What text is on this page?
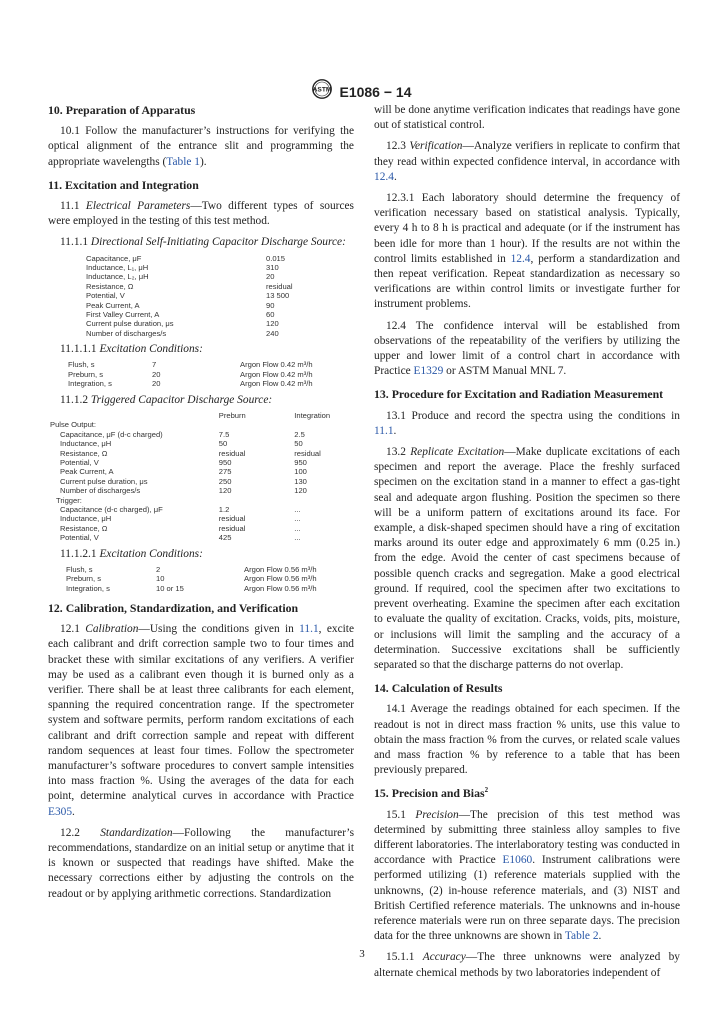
ASTM E1086 − 14
10. Preparation of Apparatus

10.1 Follow the manufacturer’s instructions for verifying the optical alignment of the entrance slit and programming the appropriate wavelengths (Table 1).

11. Excitation and Integration

11.1 Electrical Parameters—Two different types of sources were employed in the testing of this test method.

11.1.1 Directional Self-Initiating Capacitor Discharge Source:

Capacitance, μF	0.015
Inductance, L₁, μH	310
Inductance, L₂, μH	20
Resistance, Ω	residual
Potential, V	13 500
Peak Current, A	90
First Valley Current, A	60
Current pulse duration, μs	120
Number of discharges/s	240

11.1.1.1 Excitation Conditions:

Flush, s	7	Argon Flow 0.42 m³/h
Preburn, s	20	Argon Flow 0.42 m³/h
Integration, s	20	Argon Flow 0.42 m³/h

11.1.2 Triggered Capacitor Discharge Source:

	Preburn	Integration
Pulse Output:		
Capacitance, μF (d-c charged)	7.5	2.5
Inductance, μH	50	50
Resistance, Ω	residual	residual
Potential, V	950	950
Peak Current, A	275	100
Current pulse duration, μs	250	130
Number of discharges/s	120	120
Trigger:		
Capacitance (d-c charged), μF	1.2	...
Inductance, μH	residual	...
Resistance, Ω	residual	...
Potential, V	425	...

11.1.2.1 Excitation Conditions:

Flush, s	2	Argon Flow 0.56 m³/h
Preburn, s	10	Argon Flow 0.56 m³/h
Integration, s	10 or 15	Argon Flow 0.56 m³/h
12. Calibration, Standardization, and Verification

12.1 Calibration—Using the conditions given in 11.1, excite each calibrant and drift correction sample two to four times and bracket these with similar excitations of any verifiers. A verifier may be used as a calibrant even though it is burned only as a verifier. There shall be at least three calibrants for each element, spanning the required concentration range. If the spectrometer system and software permits, perform random excitations of each calibrant and drift correction sample and repeat with different random sequences at least four times. Follow the spectrometer manufacturer’s software procedures to convert sample intensities into mass fraction %. Using the averages of the data for each point, determine analytical curves in accordance with Practice E305.

12.2 Standardization—Following the manufacturer’s recommendations, standardize on an initial setup or anytime that it is known or suspected that readings have shifted. Make the necessary corrections either by adjusting the controls on the readout or by applying arithmetic corrections. Standardization

will be done anytime verification indicates that readings have gone out of statistical control.

12.3 Verification—Analyze verifiers in replicate to confirm that they read within expected confidence interval, in accordance with 12.4.

12.3.1 Each laboratory should determine the frequency of verification necessary based on statistical analysis. Typically, every 4 h to 8 h is practical and adequate (or if the instrument has been idle for more than 1 hour). If the results are not within the control limits established in 12.4, perform a standardization and then repeat verification. Repeat standardization as necessary so verifications are within control limits or investigate further for instrument problems.

12.4 The confidence interval will be established from observations of the repeatability of the verifiers by utilizing the upper and lower limit of a control chart in accordance with Practice E1329 or ASTM Manual MNL 7.

13. Procedure for Excitation and Radiation Measurement

13.1 Produce and record the spectra using the conditions in 11.1.

13.2 Replicate Excitation—Make duplicate excitations of each specimen and report the average. Place the freshly surfaced specimen on the excitation stand in a manner to effect a gas-tight seal and adequate argon flushing. Position the specimen so there will be a uniform pattern of excitations around its face. For example, a disk-shaped specimen should have a ring of excitation marks around its outer edge and approximately 6 mm (0.25 in.) from the edge. Avoid the center of cast specimens because of possible quench cracks and segregation. Make a good electrical ground. If required, cool the specimen after two excitations to prevent overheating. Examine the specimen after each excitation to evaluate the quality of excitation. Cracks, voids, pits, moisture, or inclusions will limit the sampling and the accuracy of a determination. Successive excitations shall be sufficiently separated so that the discharge patterns do not overlap.

14. Calculation of Results

14.1 Average the readings obtained for each specimen. If the readout is not in direct mass fraction % units, use this value to obtain the mass fraction % from the curves, or related scale values and mass fraction % by reference to a table that has been previously prepared.

15. Precision and Bias$^2$

15.1 Precision—The precision of this test method was determined by submitting three stainless alloy samples to five different laboratories. The interlaboratory testing was conducted in accordance with Practice E1060. Instrument calibrations were performed utilizing (1) reference materials supplied with the unknowns, (2) in-house reference materials, and (3) NIST and British Certified reference materials. The unknowns and in-house reference materials were run on three separate days. The precision data for the three unknowns are shown in Table 2.

15.1.1 Accuracy—The three unknowns were analyzed by alternate chemical methods by two laboratories independent of

3
